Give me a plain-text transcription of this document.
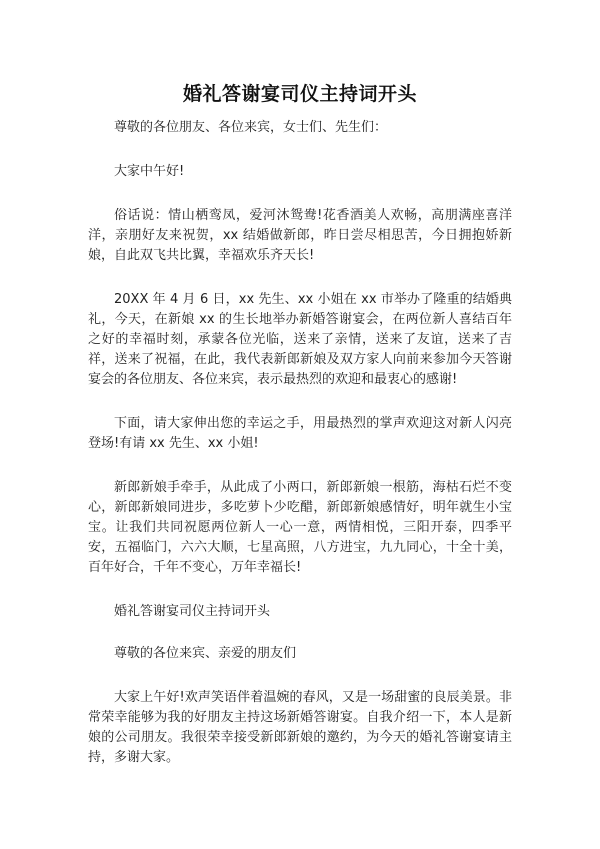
婚礼答谢宴司仪主持词开头

尊敬的各位朋友、各位来宾，女士们、先生们：

大家中午好!

俗话说：情山栖鸾凤，爱河沐鸳鸯!花香酒美人欢畅，高朋满座喜洋洋，亲朋好友来祝贺，xx 结婚做新郎，昨日尝尽相思苦，今日拥抱娇新娘，自此双飞共比翼，幸福欢乐齐天长!

20XX 年 4 月 6 日，xx 先生、xx 小姐在 xx 市举办了隆重的结婚典礼，今天，在新娘 xx 的生长地举办新婚答谢宴会，在两位新人喜结百年之好的幸福时刻，承蒙各位光临，送来了亲情，送来了友谊，送来了吉祥，送来了祝福，在此，我代表新郎新娘及双方家人向前来参加今天答谢宴会的各位朋友、各位来宾，表示最热烈的欢迎和最衷心的感谢!

下面，请大家伸出您的幸运之手，用最热烈的掌声欢迎这对新人闪亮登场!有请 xx 先生、xx 小姐!

新郎新娘手牵手，从此成了小两口，新郎新娘一根筋，海枯石烂不变心，新郎新娘同进步，多吃萝卜少吃醋，新郎新娘感情好，明年就生小宝宝。让我们共同祝愿两位新人一心一意，两情相悦，三阳开泰，四季平安，五福临门，六六大顺，七星高照，八方进宝，九九同心，十全十美，百年好合，千年不变心，万年幸福长!

婚礼答谢宴司仪主持词开头

尊敬的各位来宾、亲爱的朋友们

大家上午好!欢声笑语伴着温婉的春风，又是一场甜蜜的良辰美景。非常荣幸能够为我的好朋友主持这场新婚答谢宴。自我介绍一下，本人是新娘的公司朋友。我很荣幸接受新郎新娘的邀约，为今天的婚礼答谢宴请主持，多谢大家。
